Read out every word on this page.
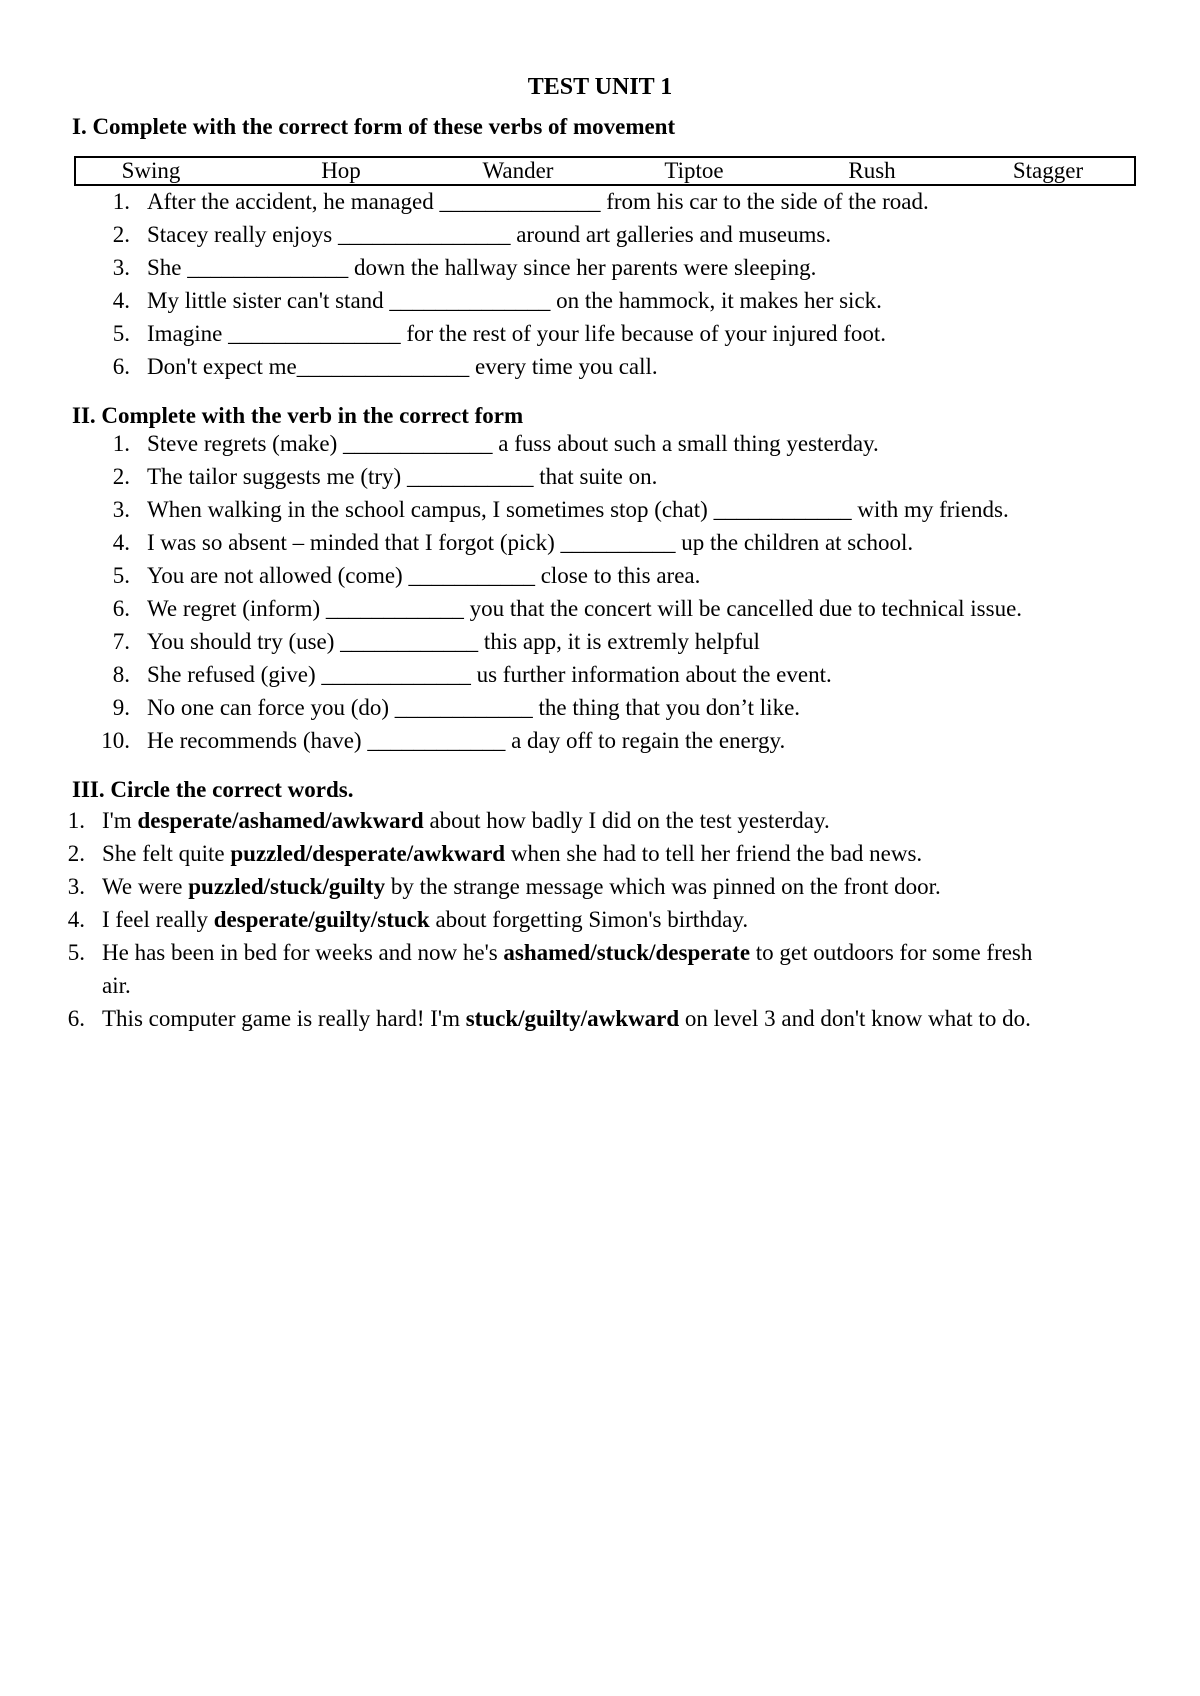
TEST UNIT 1
I. Complete with the correct form of these verbs of movement
Swing	Hop	Wander	Tiptoe	Rush	Stagger
1. After the accident, he managed ______________ from his car to the side of the road.
2. Stacey really enjoys _______________ around art galleries and museums.
3. She ______________ down the hallway since her parents were sleeping.
4. My little sister can't stand ______________ on the hammock, it makes her sick.
5. Imagine _______________ for the rest of your life because of your injured foot.
6. Don't expect me_______________ every time you call.
II. Complete with the verb in the correct form
1. Steve regrets (make) _____________ a fuss about such a small thing yesterday.
2. The tailor suggests me (try) ___________ that suite on.
3. When walking in the school campus, I sometimes stop (chat) ____________ with my friends.
4. I was so absent – minded that I forgot (pick) __________ up the children at school.
5. You are not allowed (come) ___________ close to this area.
6. We regret (inform) ____________ you that the concert will be cancelled due to technical issue.
7. You should try (use) ____________ this app, it is extremly helpful
8. She refused (give) _____________ us further information about the event.
9. No one can force you (do) ____________ the thing that you don’t like.
10. He recommends (have) ____________ a day off to regain the energy.
III. Circle the correct words.
1. I'm desperate/ashamed/awkward about how badly I did on the test yesterday.
2. She felt quite puzzled/desperate/awkward when she had to tell her friend the bad news.
3. We were puzzled/stuck/guilty by the strange message which was pinned on the front door.
4. I feel really desperate/guilty/stuck about forgetting Simon's birthday.
5. He has been in bed for weeks and now he's ashamed/stuck/desperate to get outdoors for some fresh
air.
6. This computer game is really hard! I'm stuck/guilty/awkward on level 3 and don't know what to do.
